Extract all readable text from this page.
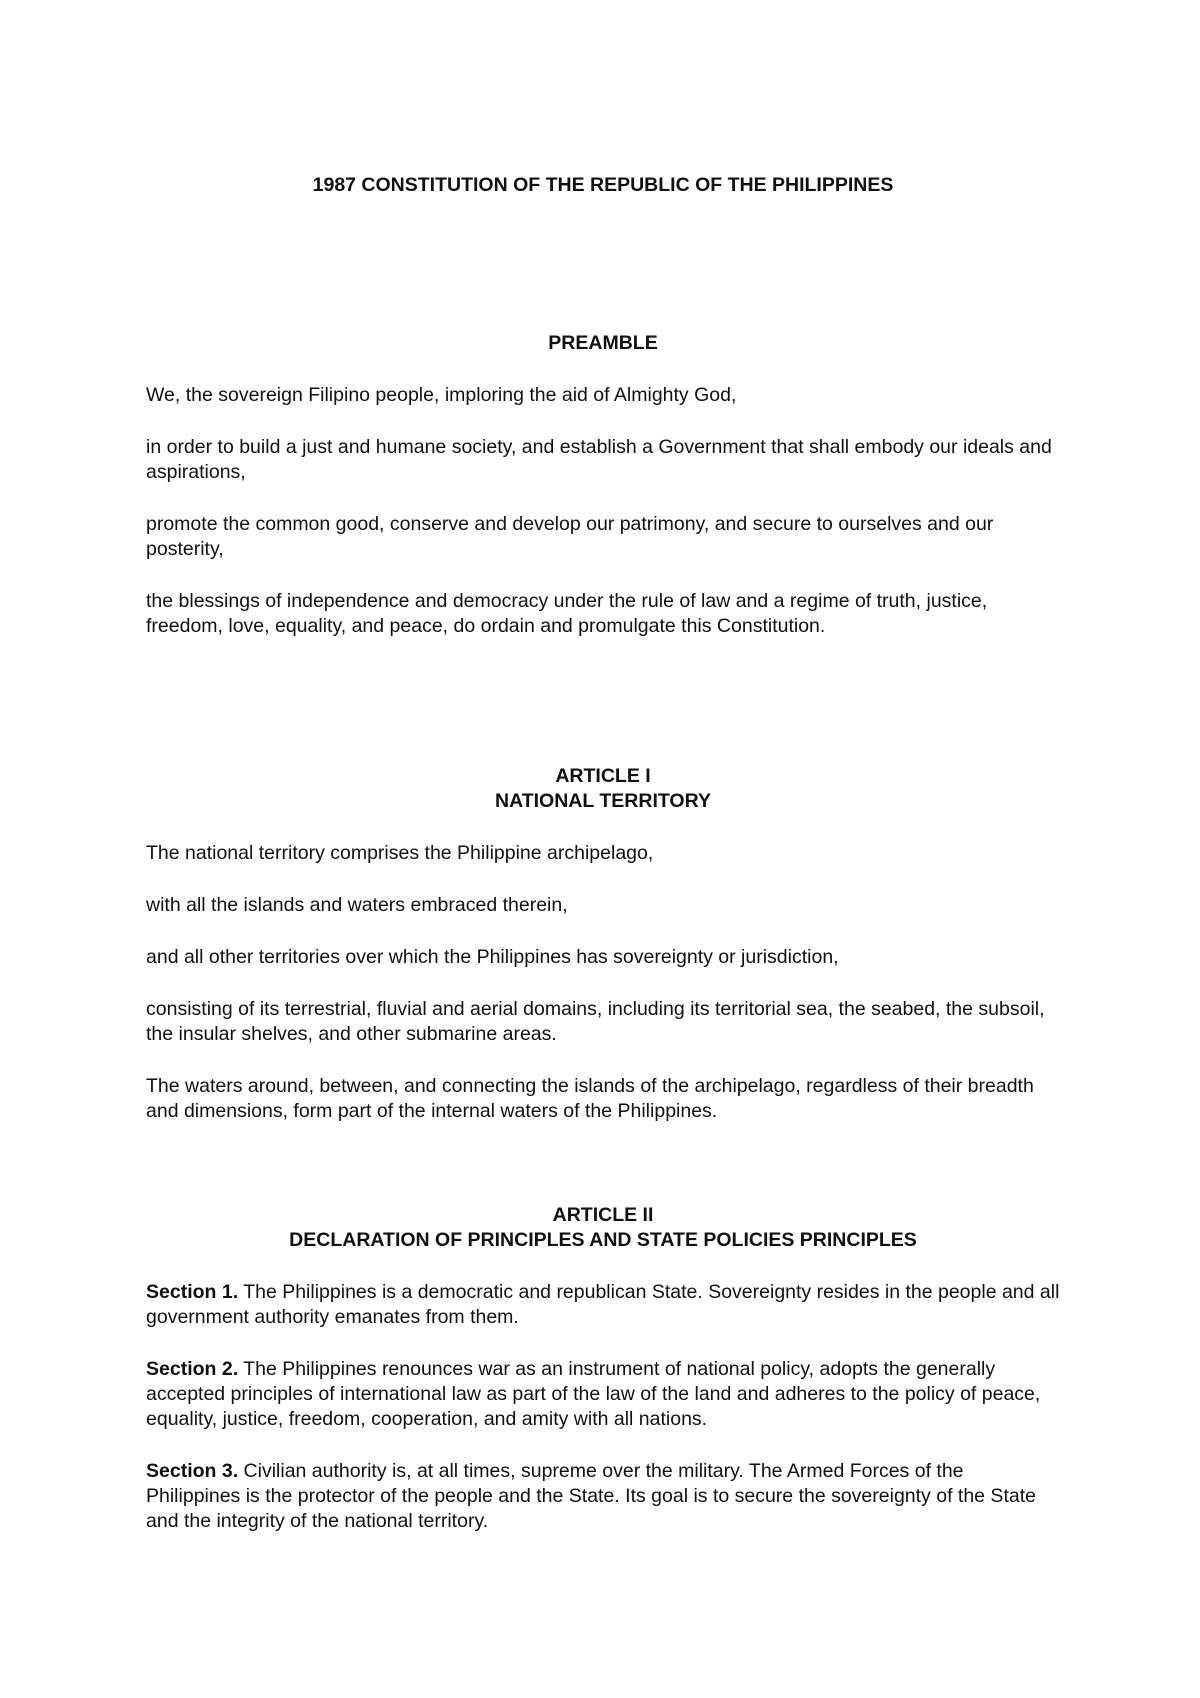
1987 CONSTITUTION OF THE REPUBLIC OF THE PHILIPPINES

PREAMBLE

We, the sovereign Filipino people, imploring the aid of Almighty God,

in order to build a just and humane society, and establish a Government that shall embody our ideals and aspirations,

promote the common good, conserve and develop our patrimony, and secure to ourselves and our posterity,

the blessings of independence and democracy under the rule of law and a regime of truth, justice, freedom, love, equality, and peace, do ordain and promulgate this Constitution.

ARTICLE I

NATIONAL TERRITORY

The national territory comprises the Philippine archipelago,

with all the islands and waters embraced therein,

and all other territories over which the Philippines has sovereignty or jurisdiction,

consisting of its terrestrial, fluvial and aerial domains, including its territorial sea, the seabed, the subsoil, the insular shelves, and other submarine areas.

The waters around, between, and connecting the islands of the archipelago, regardless of their breadth and dimensions, form part of the internal waters of the Philippines.

ARTICLE II

DECLARATION OF PRINCIPLES AND STATE POLICIES PRINCIPLES

Section 1. The Philippines is a democratic and republican State. Sovereignty resides in the people and all government authority emanates from them.

Section 2. The Philippines renounces war as an instrument of national policy, adopts the generally accepted principles of international law as part of the law of the land and adheres to the policy of peace, equality, justice, freedom, cooperation, and amity with all nations.

Section 3. Civilian authority is, at all times, supreme over the military. The Armed Forces of the Philippines is the protector of the people and the State. Its goal is to secure the sovereignty of the State and the integrity of the national territory.
